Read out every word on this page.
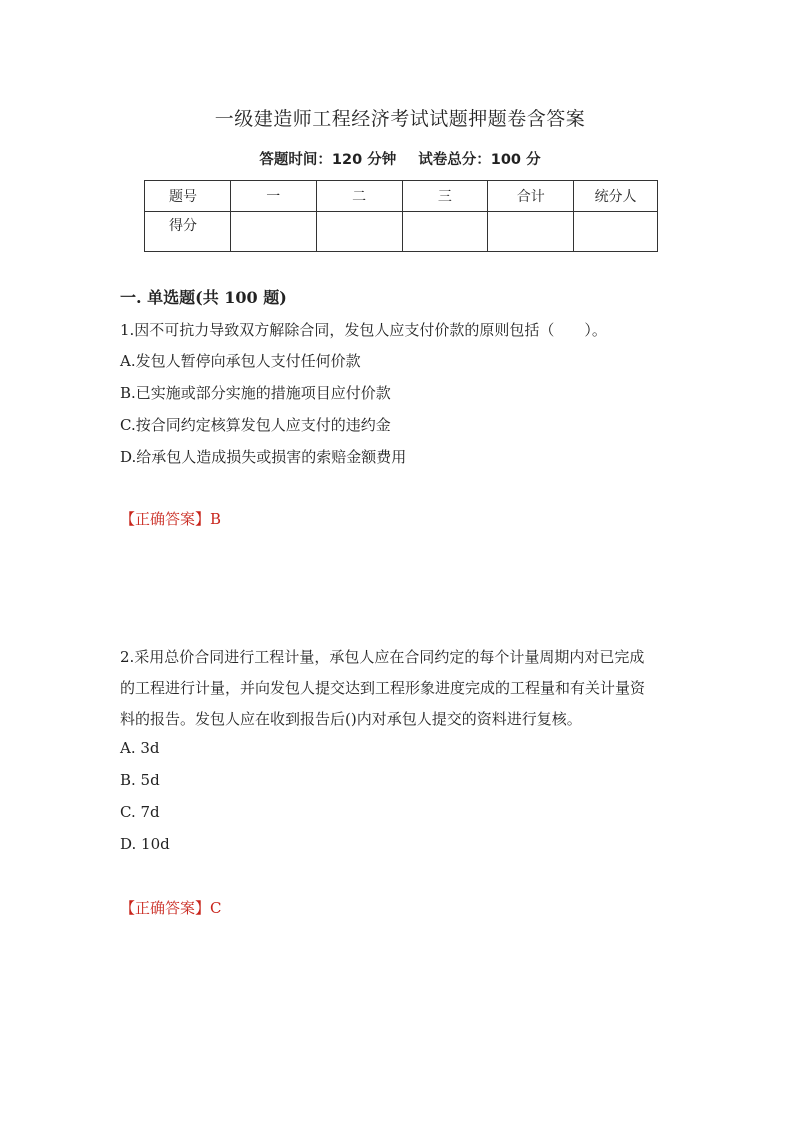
一级建造师工程经济考试试题押题卷含答案
答题时间：120 分钟 试卷总分：100 分
题号	一	二	三	合计	统分人
得分					
一. 单选题(共 100 题)
1.因不可抗力导致双方解除合同，发包人应支付价款的原则包括（　　）。
A.发包人暂停向承包人支付任何价款
B.已实施或部分实施的措施项目应付价款
C.按合同约定核算发包人应支付的违约金
D.给承包人造成损失或损害的索赔金额费用
【正确答案】B
2.采用总价合同进行工程计量，承包人应在合同约定的每个计量周期内对已完成
的工程进行计量，并向发包人提交达到工程形象进度完成的工程量和有关计量资
料的报告。发包人应在收到报告后()内对承包人提交的资料进行复核。
A. 3d
B. 5d
C. 7d
D. 10d
【正确答案】C
